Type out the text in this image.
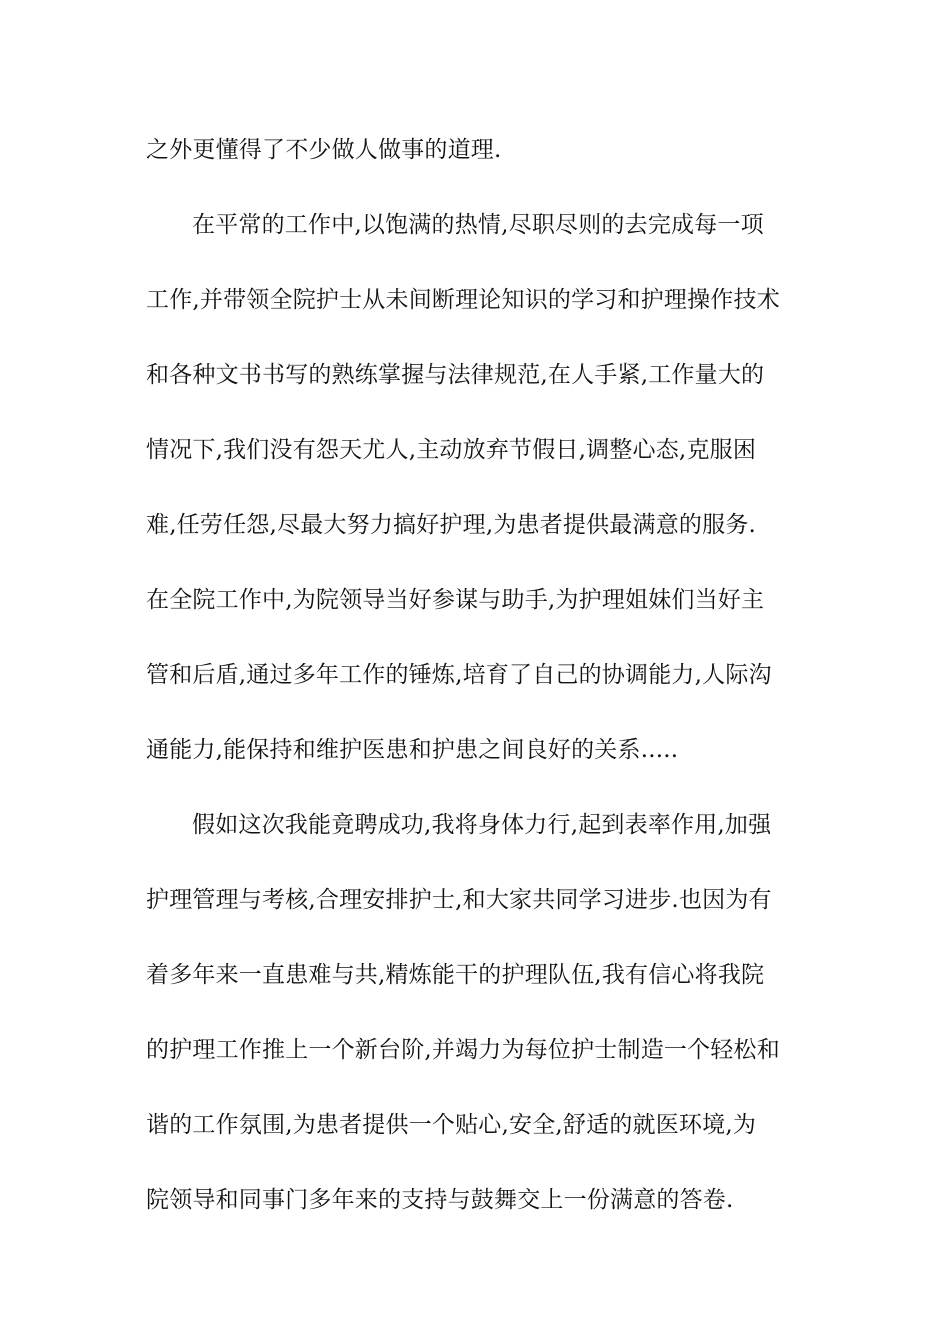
之外更懂得了不少做人做事的道理.
在平常的工作中,以饱满的热情,尽职尽则的去完成每一项
工作,并带领全院护士从未间断理论知识的学习和护理操作技术
和各种文书书写的熟练掌握与法律规范,在人手紧,工作量大的
情况下,我们没有怨天尤人,主动放弃节假日,调整心态,克服困
难,任劳任怨,尽最大努力搞好护理,为患者提供最满意的服务.
在全院工作中,为院领导当好参谋与助手,为护理姐妹们当好主
管和后盾,通过多年工作的锤炼,培育了自己的协调能力,人际沟
通能力,能保持和维护医患和护患之间良好的关系.....
假如这次我能竟聘成功,我将身体力行,起到表率作用,加强
护理管理与考核,合理安排护士,和大家共同学习进步.也因为有
着多年来一直患难与共,精炼能干的护理队伍,我有信心将我院
的护理工作推上一个新台阶,并竭力为每位护士制造一个轻松和
谐的工作氛围,为患者提供一个贴心,安全,舒适的就医环境,为
院领导和同事门多年来的支持与鼓舞交上一份满意的答卷.
